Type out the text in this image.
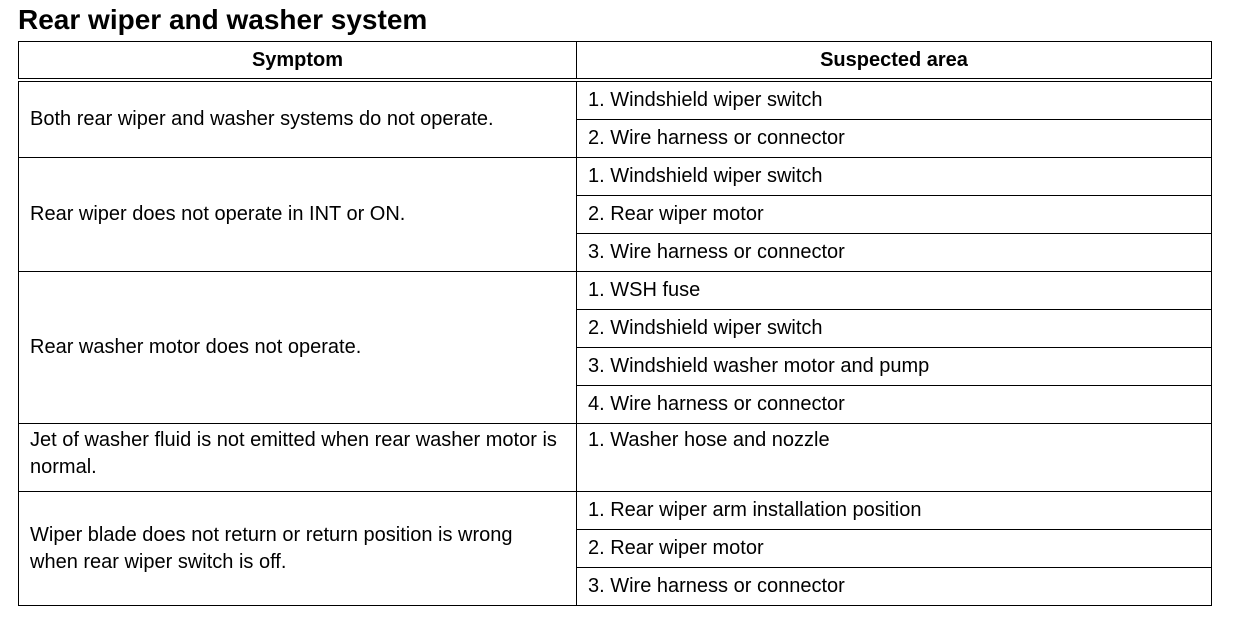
Rear wiper and washer system
Symptom	Suspected area
Both rear wiper and washer systems do not operate.	1. Windshield wiper switch
	2. Wire harness or connector
Rear wiper does not operate in INT or ON.	1. Windshield wiper switch
	2. Rear wiper motor
	3. Wire harness or connector
Rear washer motor does not operate.	1. WSH fuse
	2. Windshield wiper switch
	3. Windshield washer motor and pump
	4. Wire harness or connector
Jet of washer fluid is not emitted when rear washer motor is normal.	1. Washer hose and nozzle
Wiper blade does not return or return position is wrong when rear wiper switch is off.	1. Rear wiper arm installation position
	2. Rear wiper motor
	3. Wire harness or connector
